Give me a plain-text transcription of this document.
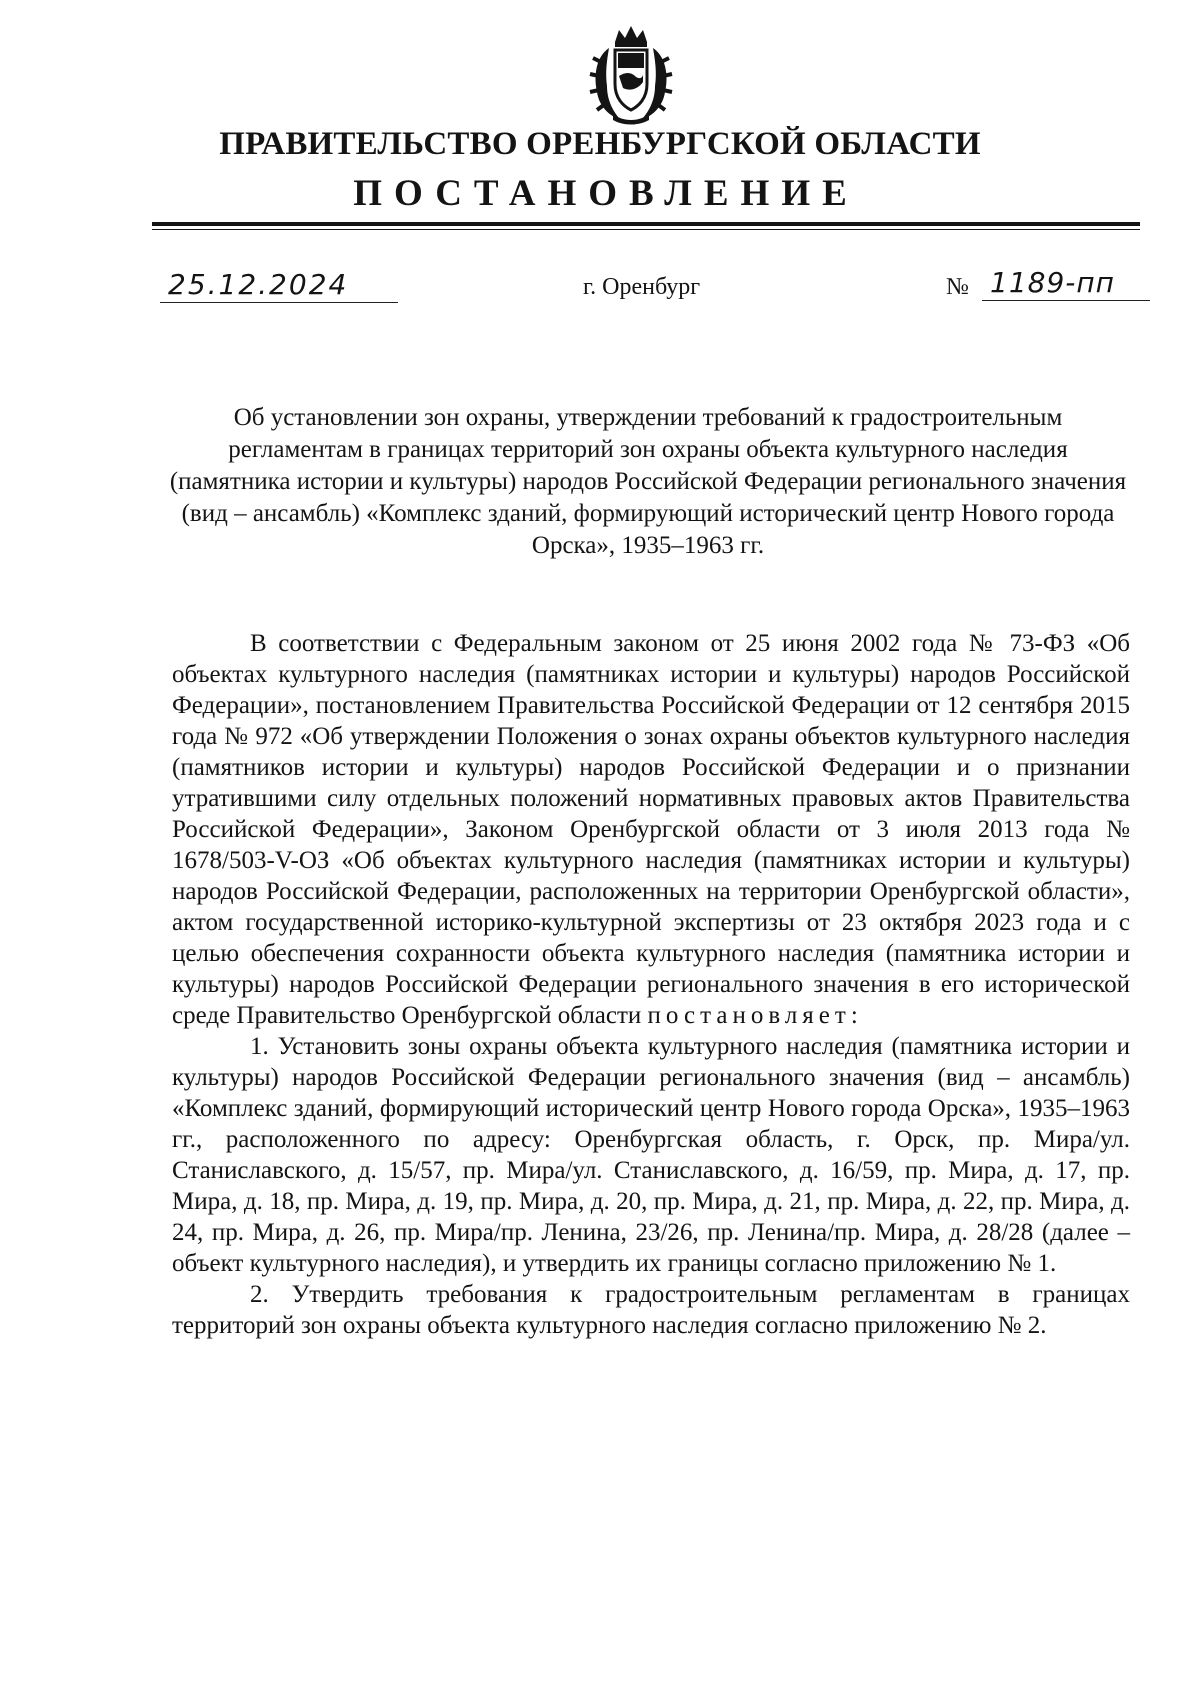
ПРАВИТЕЛЬСТВО ОРЕНБУРГСКОЙ ОБЛАСТИ
ПОСТАНОВЛЕНИЕ
25.12.2024	г. Оренбург	№ 1189-пп
Об установлении зон охраны, утверждении требований к градостроительным регламентам в границах территорий зон охраны объекта культурного наследия (памятника истории и культуры) народов Российской Федерации регионального значения (вид – ансамбль) «Комплекс зданий, формирующий исторический центр Нового города Орска», 1935–1963 гг.

В соответствии с Федеральным законом от 25 июня 2002 года № 73-ФЗ «Об объектах культурного наследия (памятниках истории и культуры) народов Российской Федерации», постановлением Правительства Российской Федерации от 12 сентября 2015 года № 972 «Об утверждении Положения о зонах охраны объектов культурного наследия (памятников истории и культуры) народов Российской Федерации и о признании утратившими силу отдельных положений нормативных правовых актов Правительства Российской Федерации», Законом Оренбургской области от 3 июля 2013 года № 1678/503-V-ОЗ «Об объектах культурного наследия (памятниках истории и культуры) народов Российской Федерации, расположенных на территории Оренбургской области», актом государственной историко-культурной экспертизы от 23 октября 2023 года и с целью обеспечения сохранности объекта культурного наследия (памятника истории и культуры) народов Российской Федерации регионального значения в его исторической среде Правительство Оренбургской области постановляет:

1. Установить зоны охраны объекта культурного наследия (памятника истории и культуры) народов Российской Федерации регионального значения (вид – ансамбль) «Комплекс зданий, формирующий исторический центр Нового города Орска», 1935–1963 гг., расположенного по адресу: Оренбургская область, г. Орск, пр. Мира/ул. Станиславского, д. 15/57, пр. Мира/ул. Станиславского, д. 16/59, пр. Мира, д. 17, пр. Мира, д. 18, пр. Мира, д. 19, пр. Мира, д. 20, пр. Мира, д. 21, пр. Мира, д. 22, пр. Мира, д. 24, пр. Мира, д. 26, пр. Мира/пр. Ленина, 23/26, пр. Ленина/пр. Мира, д. 28/28 (далее – объект культурного наследия), и утвердить их границы согласно приложению № 1.

2. Утвердить требования к градостроительным регламентам в границах территорий зон охраны объекта культурного наследия согласно приложению № 2.
